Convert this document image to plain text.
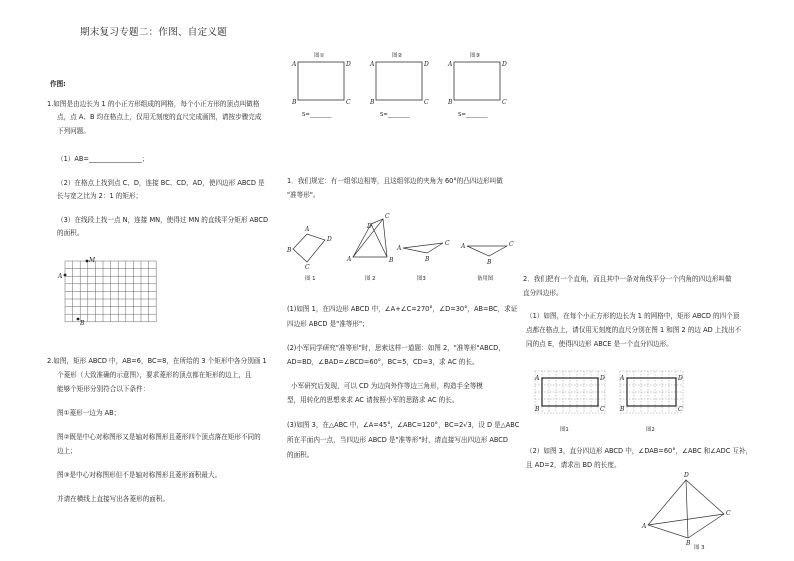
期末复习专题二：作图、自定义题
作图:
1.如图是由边长为 1 的小正方形组成的网格，每个小正方形的顶点叫做格
点，点 A、B 均在格点上，仅用无刻度的直尺完成画图，请按步骤完成
下列问题。
（1）AB=________________；
（2）在格点上找到点 C、D，连接 BC、CD、AD，使四边形 ABCD 是
长与宽之比为 2：1 的矩形；
（3）在线段上找一点 N，连接 MN，使得过 MN 的直线平分矩形 ABCD
的面积。
M
A
B
2.如图，矩形 ABCD 中，AB=6，BC=8，在所给的 3 个矩形中各分别画 1
个菱形（大致准确的示意图），要求菱形的顶点都在矩形的边上，且
能够个矩形分别符合以下条件：
图①菱形一边为 AB；
图②既是中心对称图形又是轴对称图形且菱形四个顶点落在矩形不同的
边上；
图③是中心对称图形但不是轴对称图形且菱形面积最大。
并请在横线上直接写出各菱形的面积。
图①
A	D
B	C
S=________
图②
A	D
B	C
S=________
图③
A	D
B	C
S=________
1．我们规定：有一组邻边相等，且这组邻边的夹角为 60°的凸四边形叫做
"准等形"。
B
A
D
C
图 1
A
C
B
D
图 2
A
C
B
图3
A	C
B
备用图
(1)如图 1，在四边形 ABCD 中，∠A+∠C=270°，∠D=30°，AB=BC，求证
四边形 ABCD 是"准等形"；
(2)小军同学研究"准等形"时，思索这样一道题：如图 2，"准等形"ABCD，
AD=BD，∠BAD=∠BCD=60°，BC=5，CD=3，求 AC 的长。
小军研究后发现，可以 CD 为边向外作等边三角形，构造手全等模
型，用转化的思想来求 AC 请按照小军的思路求 AC 的长。
(3)如图 3，在△ABC 中，∠A=45°，∠ABC=120°，BC=2√3，设 D 是△ABC
所在平面内一点，当四边形 ABCD 是"准等形"时，请直接写出四边形 ABCD
的面积。
2．我们把有一个直角，而且其中一条对角线平分一个内角的四边形叫做
直分四边形。
（1）如图，在每个小正方形的边长为 1 的网格中，矩形 ABCD 的四个顶
点都在格点上，请仅用无刻度的直尺分别在图 1 和图 2 的边 AD 上找出不
同的点 E，使得四边形 ABCE 是一个直分四边形。
A	D
B	C
A	D
B	C
图1	图2
（2）如图 3，直分四边形 ABCD 中，∠DAB=60°，∠ABC 和∠ADC 互补，
且 AD=2，请求出 BD 的长度。
D
A
C
B
图 3
